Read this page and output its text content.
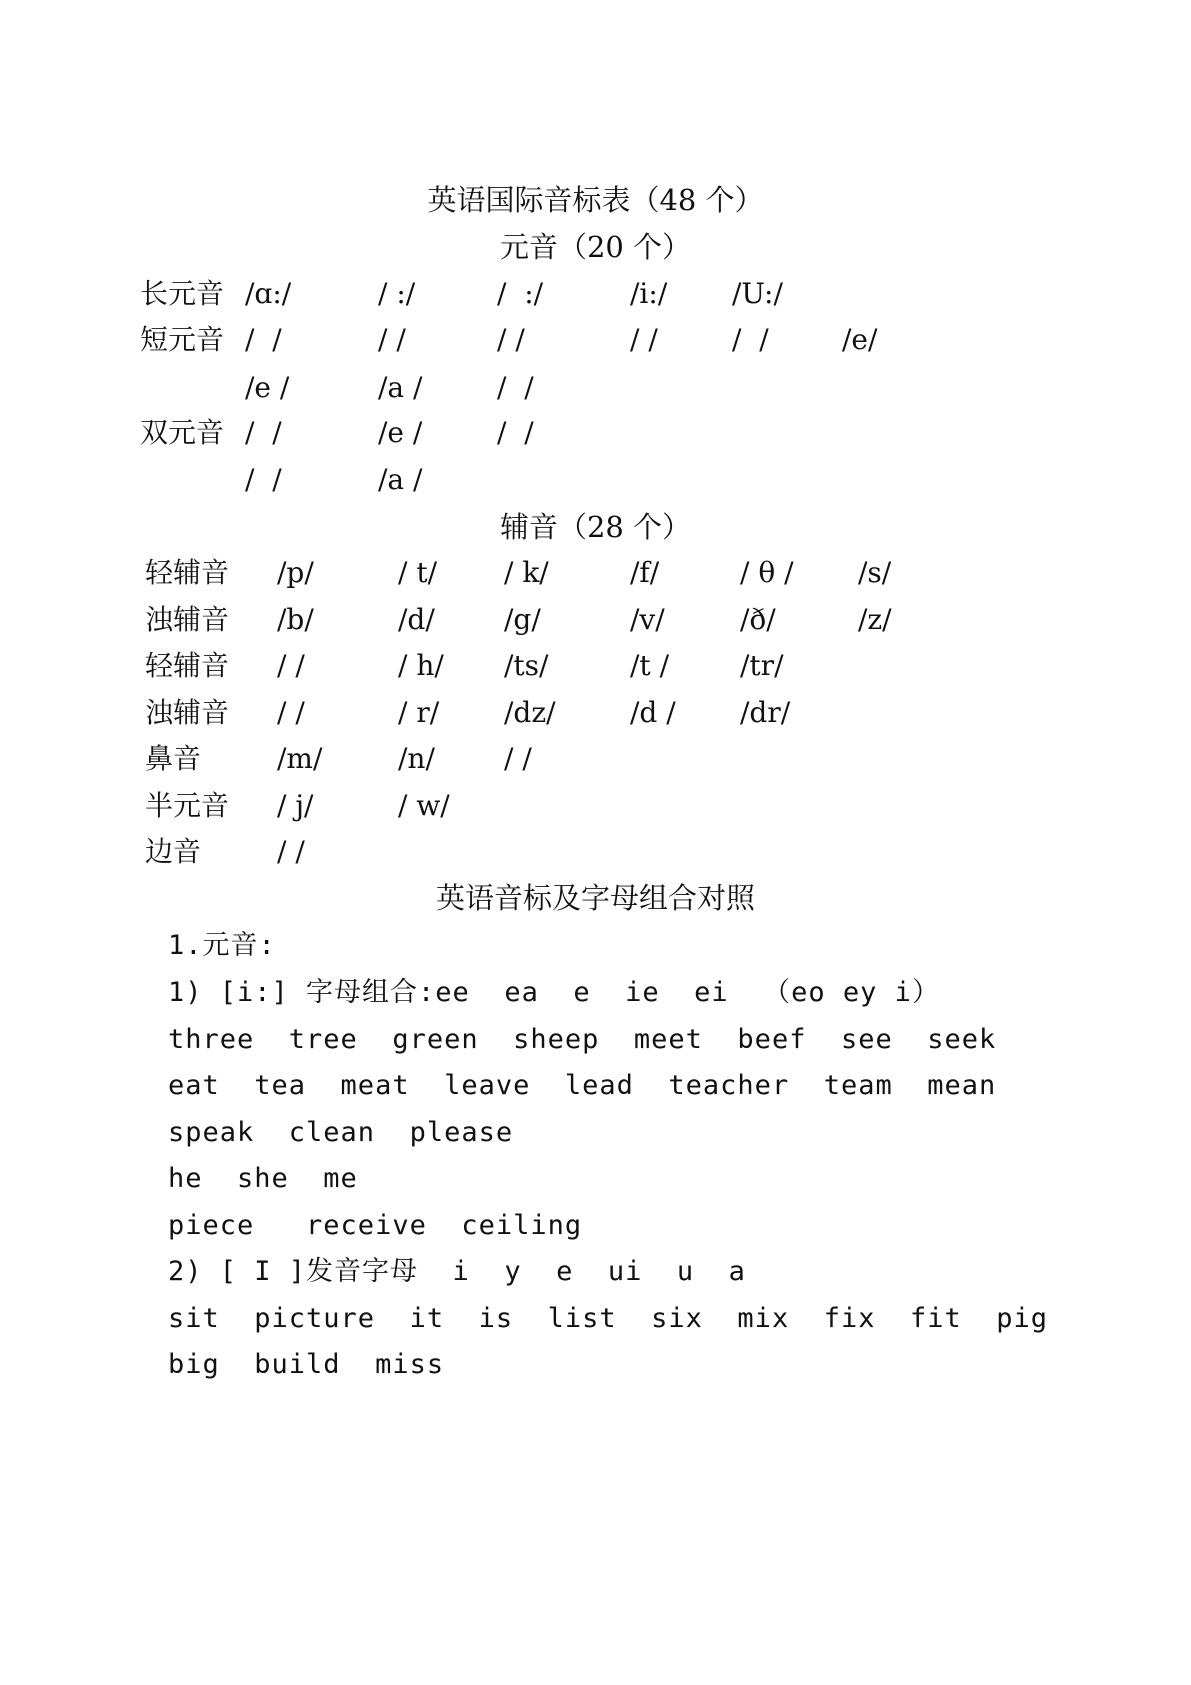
英语国际音标表（48 个）
元音（20 个）
长元音 /ɑ:/	/ :/	/  :/	/i:/ /U:/
短元音 /  /	/ /	/ /	/ /	/  /	/e/
/e /	/a /	/  /
双元音 /  /	/e /	/  /
/  /	/a /
辅音（28 个）
轻辅音 /p/	/ t/ / k/	/f/	/ θ / /s/
浊辅音 /b/	/d/ /g/	/v/	/ð/	/z/
轻辅音 / /	/ h/ /ts/	/t /	/tr/
浊辅音 / /	/ r/ /dz/	/d / /dr/
鼻音	/m/	/n/ / /
半元音 / j/	/ w/
边音	/ /
英语音标及字母组合对照
1.元音:
1) [i:] 字母组合:ee  ea  e  ie  ei  （eo ey i）
three  tree  green  sheep  meet  beef  see  seek
eat  tea  meat  leave  lead  teacher  team  mean
speak  clean  please
he  she  me
piece   receive  ceiling
2) [ I ]发音字母  i  y  e  ui  u  a
sit  picture  it  is  list  six  mix  fix  fit  pig
big  build  miss
